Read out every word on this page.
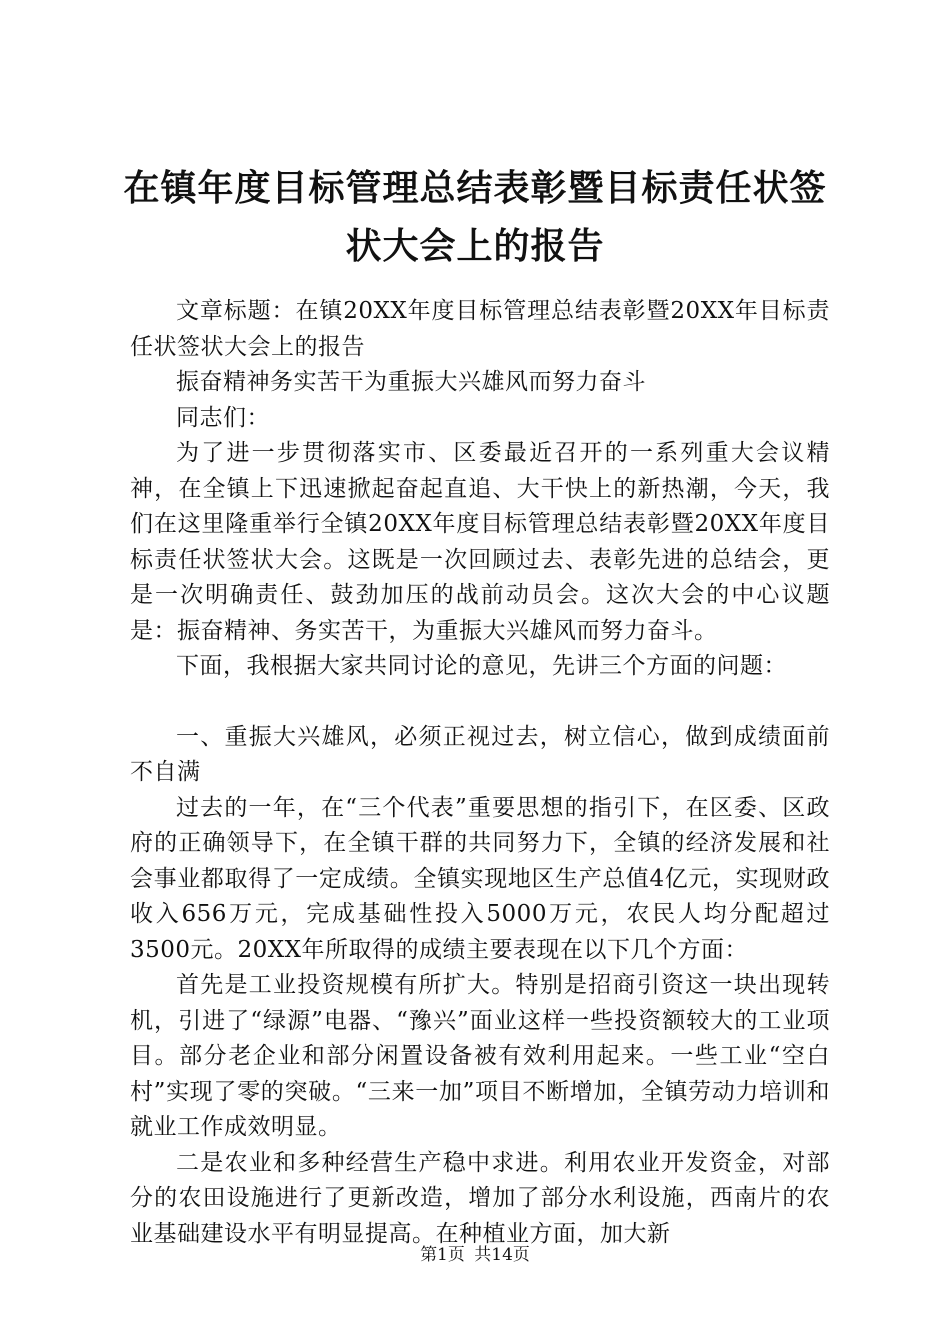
在镇年度目标管理总结表彰暨目标责任状签状大会上的报告

文章标题：在镇20XX年度目标管理总结表彰暨20XX年目标责任状签状大会上的报告

振奋精神务实苦干为重振大兴雄风而努力奋斗

同志们：

为了进一步贯彻落实市、区委最近召开的一系列重大会议精神，在全镇上下迅速掀起奋起直追、大干快上的新热潮，今天，我们在这里隆重举行全镇20XX年度目标管理总结表彰暨20XX年度目标责任状签状大会。这既是一次回顾过去、表彰先进的总结会，更是一次明确责任、鼓劲加压的战前动员会。这次大会的中心议题是：振奋精神、务实苦干，为重振大兴雄风而努力奋斗。

下面，我根据大家共同讨论的意见，先讲三个方面的问题：

一、重振大兴雄风，必须正视过去，树立信心，做到成绩面前不自满

过去的一年，在“三个代表”重要思想的指引下，在区委、区政府的正确领导下，在全镇干群的共同努力下，全镇的经济发展和社会事业都取得了一定成绩。全镇实现地区生产总值4亿元，实现财政收入656万元，完成基础性投入5000万元，农民人均分配超过3500元。20XX年所取得的成绩主要表现在以下几个方面：

首先是工业投资规模有所扩大。特别是招商引资这一块出现转机，引进了“绿源”电器、“豫兴”面业这样一些投资额较大的工业项目。部分老企业和部分闲置设备被有效利用起来。一些工业“空白村”实现了零的突破。“三来一加”项目不断增加，全镇劳动力培训和就业工作成效明显。

二是农业和多种经营生产稳中求进。利用农业开发资金，对部分的农田设施进行了更新改造，增加了部分水利设施，西南片的农业基础建设水平有明显提高。在种植业方面，加大新

第1页 共14页
